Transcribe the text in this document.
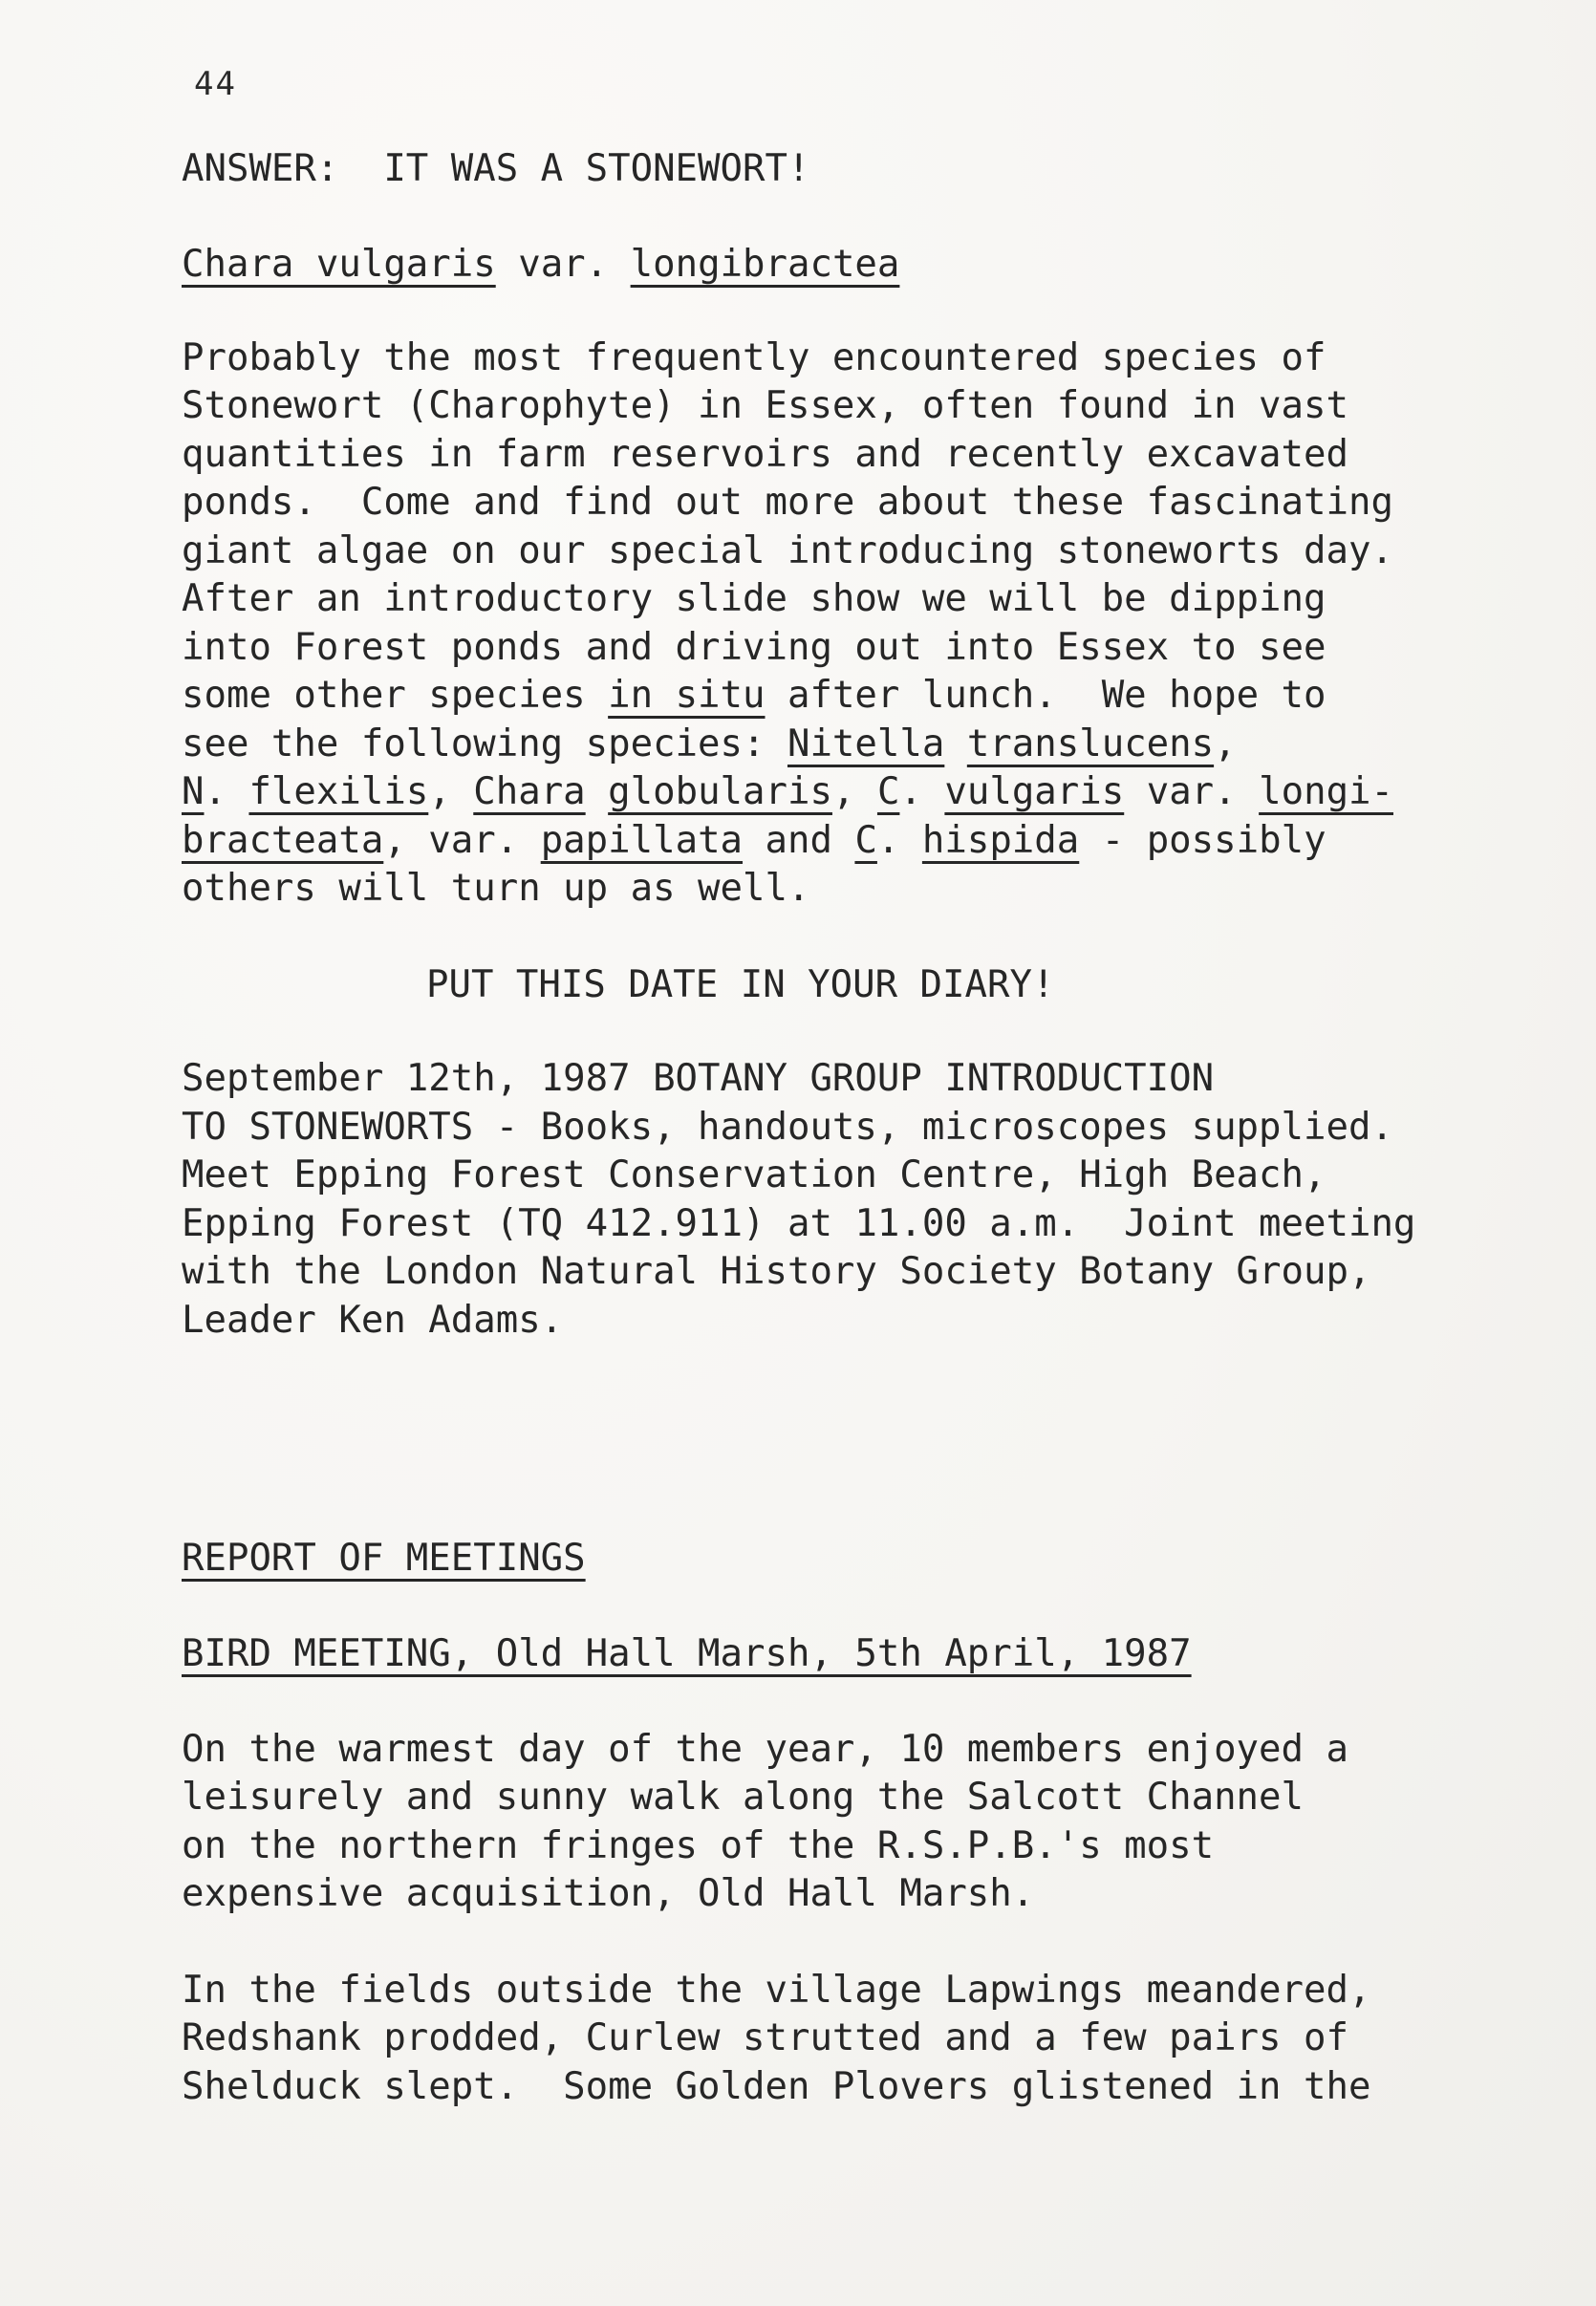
44
ANSWER:  IT WAS A STONEWORT!
Chara vulgaris var. longibractea
Probably the most frequently encountered species of
Stonewort (Charophyte) in Essex, often found in vast
quantities in farm reservoirs and recently excavated
ponds.  Come and find out more about these fascinating
giant algae on our special introducing stoneworts day.
After an introductory slide show we will be dipping
into Forest ponds and driving out into Essex to see
some other species in situ after lunch.  We hope to
see the following species: Nitella translucens,
N. flexilis, Chara globularis, C. vulgaris var. longi-
bracteata, var. papillata and C. hispida - possibly
others will turn up as well.
PUT THIS DATE IN YOUR DIARY!
September 12th, 1987 BOTANY GROUP INTRODUCTION
TO STONEWORTS - Books, handouts, microscopes supplied.
Meet Epping Forest Conservation Centre, High Beach,
Epping Forest (TQ 412.911) at 11.00 a.m.  Joint meeting
with the London Natural History Society Botany Group,
Leader Ken Adams.
REPORT OF MEETINGS
BIRD MEETING, Old Hall Marsh, 5th April, 1987
On the warmest day of the year, 10 members enjoyed a
leisurely and sunny walk along the Salcott Channel
on the northern fringes of the R.S.P.B.'s most
expensive acquisition, Old Hall Marsh.
In the fields outside the village Lapwings meandered,
Redshank prodded, Curlew strutted and a few pairs of
Shelduck slept.  Some Golden Plovers glistened in the
